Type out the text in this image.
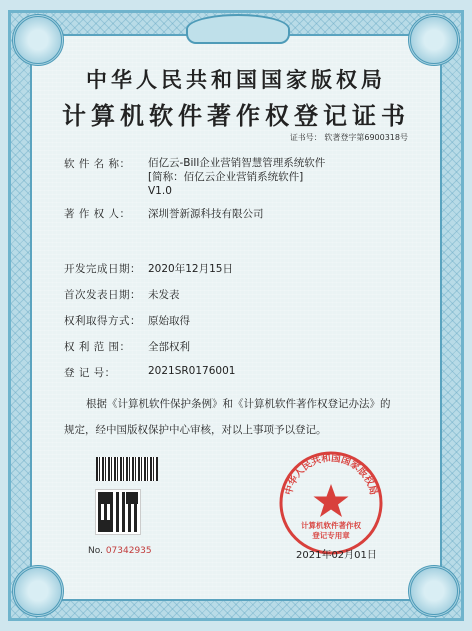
中华人民共和国国家版权局
计算机软件著作权登记证书
证书号： 软著登字第6900318号
软 件 名 称：	佰亿云-Bill企业营销智慧管理系统软件
[简称：佰亿云企业营销系统软件]
V1.0
著 作 权 人：	深圳誉新源科技有限公司
开发完成日期： 2020年12月15日
首次发表日期： 未发表
权利取得方式： 原始取得
权 利 范 围：	全部权利
登 记 号：	2021SR0176001
根据《计算机软件保护条例》和《计算机软件著作权登记办法》的
规定，经中国版权保护中心审核，对以上事项予以登记。
No. 07342935
中华人民共和国国家版权局
计算机软件著作权
登记专用章
2021年02月01日
